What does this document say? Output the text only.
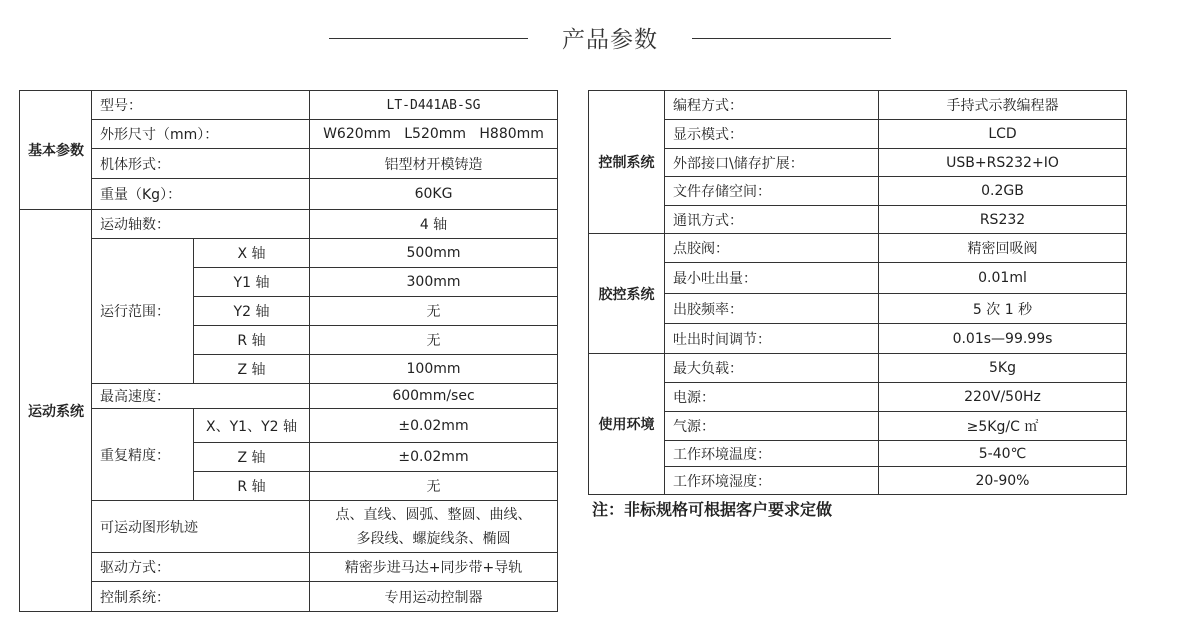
产品参数
基本参数	型号：		LT-D441AB-SG
	外形尺寸（mm）：		W620mm   L520mm   H880mm
	机体形式：		铝型材开模铸造
	重量（Kg）：		60KG
运动系统	运动轴数：		4 轴
	运行范围：	X 轴	500mm
		Y1 轴	300mm
		Y2 轴	无
		R 轴	无
		Z 轴	100mm
	最高速度：		600mm/sec
	重复精度：	X、Y1、Y2 轴	±0.02mm
		Z 轴	±0.02mm
		R 轴	无
	可运动图形轨迹		点、直线、圆弧、整圆、曲线、
多段线、螺旋线条、椭圆

	驱动方式：		精密步进马达+同步带+导轨
	控制系统：		专用运动控制器
控制系统	编程方式：	手持式示教编程器
	显示模式：	LCD
	外部接口\储存扩展：	USB+RS232+IO
	文件存储空间：	0.2GB
	通讯方式：	RS232
胶控系统	点胶阀：	精密回吸阀
	最小吐出量：	0.01ml
	出胶频率：	5 次 1 秒
	吐出时间调节：	0.01s—99.99s
使用环境	最大负载：	5Kg
	电源：	220V/50Hz
	气源：	≥5Kg/C ㎡
	工作环境温度：	5-40℃
	工作环境湿度：	20-90%
注：非标规格可根据客户要求定做
